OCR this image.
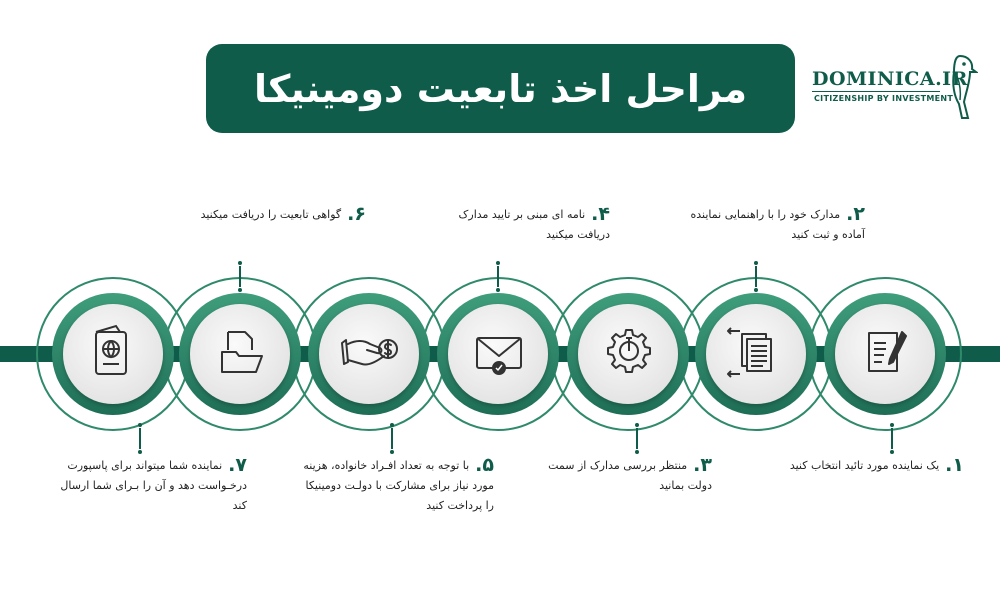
مراحل اخذ تابعیت دومینیکا	DOMINICA.IR
CITIZENSHIP BY INVESTMENT
۶.گواهی تابعیت را دریافت میکنید	۴.نامه ای مبنی بر تایید مدارک دریافت میکنید
۲.مدارک خود را با راهنمایی نماینده آماده و ثبت کنید
۷.نماینده شما میتواند برای پاسپورت درخـواست دهد و آن را بـرای شما ارسال کند
۵.با توجه به تعداد افـراد خانواده، هزینه مورد نیاز برای مشارکت با دولـت دومینیکا را پرداخت کنید
۳.منتظر بررسی مدارک از سمت دولت بمانید
۱.یک نماینده مورد تائید انتخاب کنید
